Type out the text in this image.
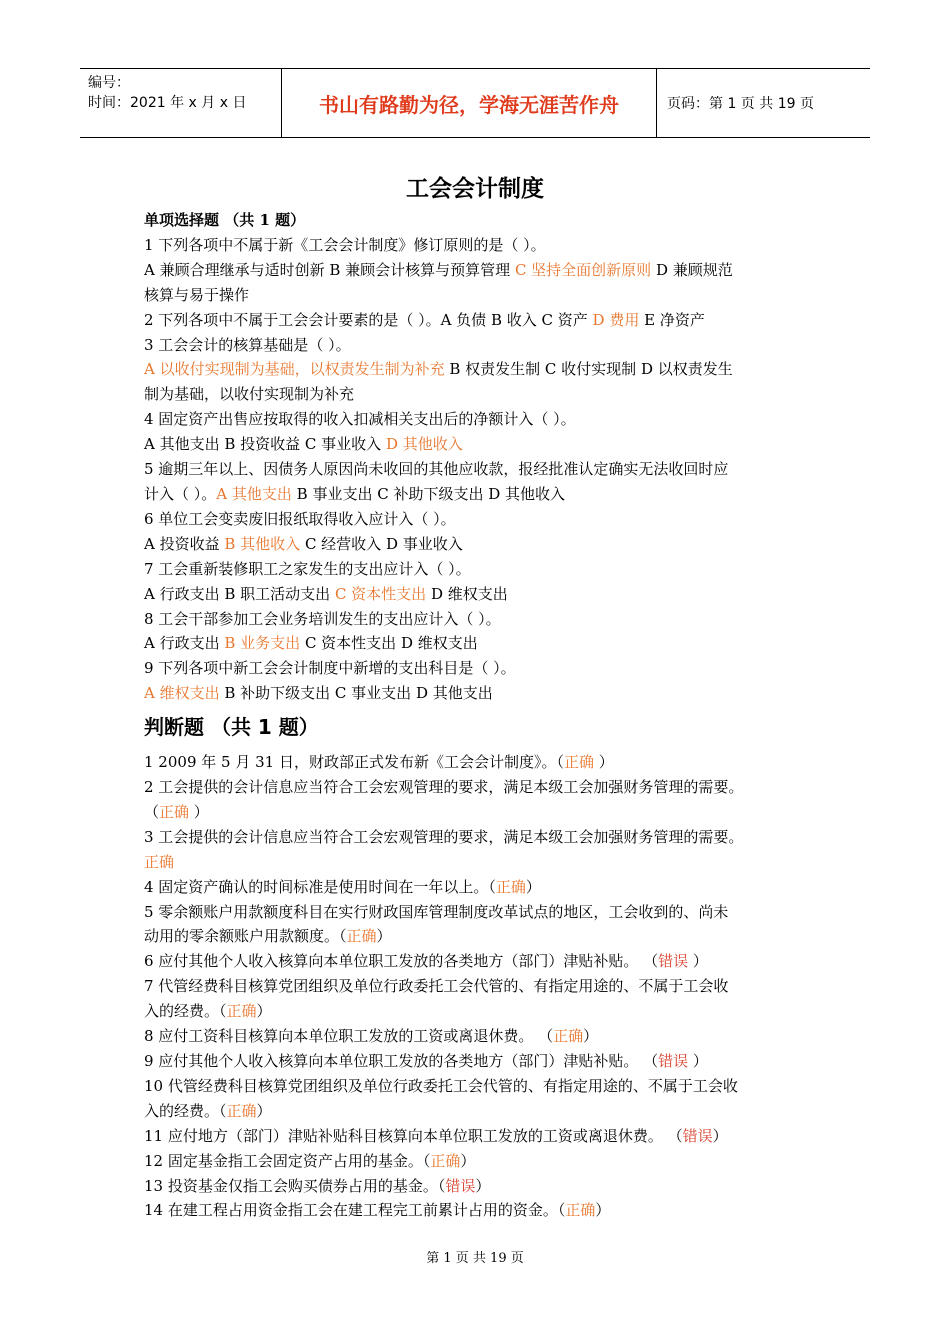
编号：
时间：2021 年 x 月 x 日	书山有路勤为径，学海无涯苦作舟	页码：第 1 页 共 19 页
工会会计制度
单项选择题 （共 1 题）
1 下列各项中不属于新《工会会计制度》修订原则的是（ ）。
A 兼顾合理继承与适时创新 B 兼顾会计核算与预算管理 C 坚持全面创新原则 D 兼顾规范
核算与易于操作
2 下列各项中不属于工会会计要素的是（ ）。A 负债 B 收入 C 资产 D 费用 E 净资产
3 工会会计的核算基础是（ ）。
A 以收付实现制为基础，以权责发生制为补充 B 权责发生制 C 收付实现制 D 以权责发生
制为基础，以收付实现制为补充
4 固定资产出售应按取得的收入扣减相关支出后的净额计入（ ）。
A 其他支出 B 投资收益 C 事业收入 D 其他收入
5 逾期三年以上、因债务人原因尚未收回的其他应收款，报经批准认定确实无法收回时应
计入（ ）。A 其他支出 B 事业支出 C 补助下级支出 D 其他收入
6 单位工会变卖废旧报纸取得收入应计入（ ）。
A 投资收益 B 其他收入 C 经营收入 D 事业收入
7 工会重新装修职工之家发生的支出应计入（ ）。
A 行政支出 B 职工活动支出 C 资本性支出 D 维权支出
8 工会干部参加工会业务培训发生的支出应计入（ ）。
A 行政支出 B 业务支出 C 资本性支出 D 维权支出
9 下列各项中新工会会计制度中新增的支出科目是（ ）。
A 维权支出 B 补助下级支出 C 事业支出 D 其他支出
判断题 （共 1 题）
1 2009 年 5 月 31 日，财政部正式发布新《工会会计制度》。（正确 ）
2 工会提供的会计信息应当符合工会宏观管理的要求，满足本级工会加强财务管理的需要。
（正确 ）
3 工会提供的会计信息应当符合工会宏观管理的要求，满足本级工会加强财务管理的需要。
正确
4 固定资产确认的时间标准是使用时间在一年以上。（正确）
5 零余额账户用款额度科目在实行财政国库管理制度改革试点的地区，工会收到的、尚未
动用的零余额账户用款额度。（正确）
6 应付其他个人收入核算向本单位职工发放的各类地方（部门）津贴补贴。 （错误 ）
7 代管经费科目核算党团组织及单位行政委托工会代管的、有指定用途的、不属于工会收
入的经费。（正确）
8 应付工资科目核算向本单位职工发放的工资或离退休费。 （正确）
9 应付其他个人收入核算向本单位职工发放的各类地方（部门）津贴补贴。 （错误 ）
10 代管经费科目核算党团组织及单位行政委托工会代管的、有指定用途的、不属于工会收
入的经费。（正确）
11 应付地方（部门）津贴补贴科目核算向本单位职工发放的工资或离退休费。 （错误）
12 固定基金指工会固定资产占用的基金。（正确）
13 投资基金仅指工会购买债券占用的基金。（错误）
14 在建工程占用资金指工会在建工程完工前累计占用的资金。（正确）
第 1 页 共 19 页
